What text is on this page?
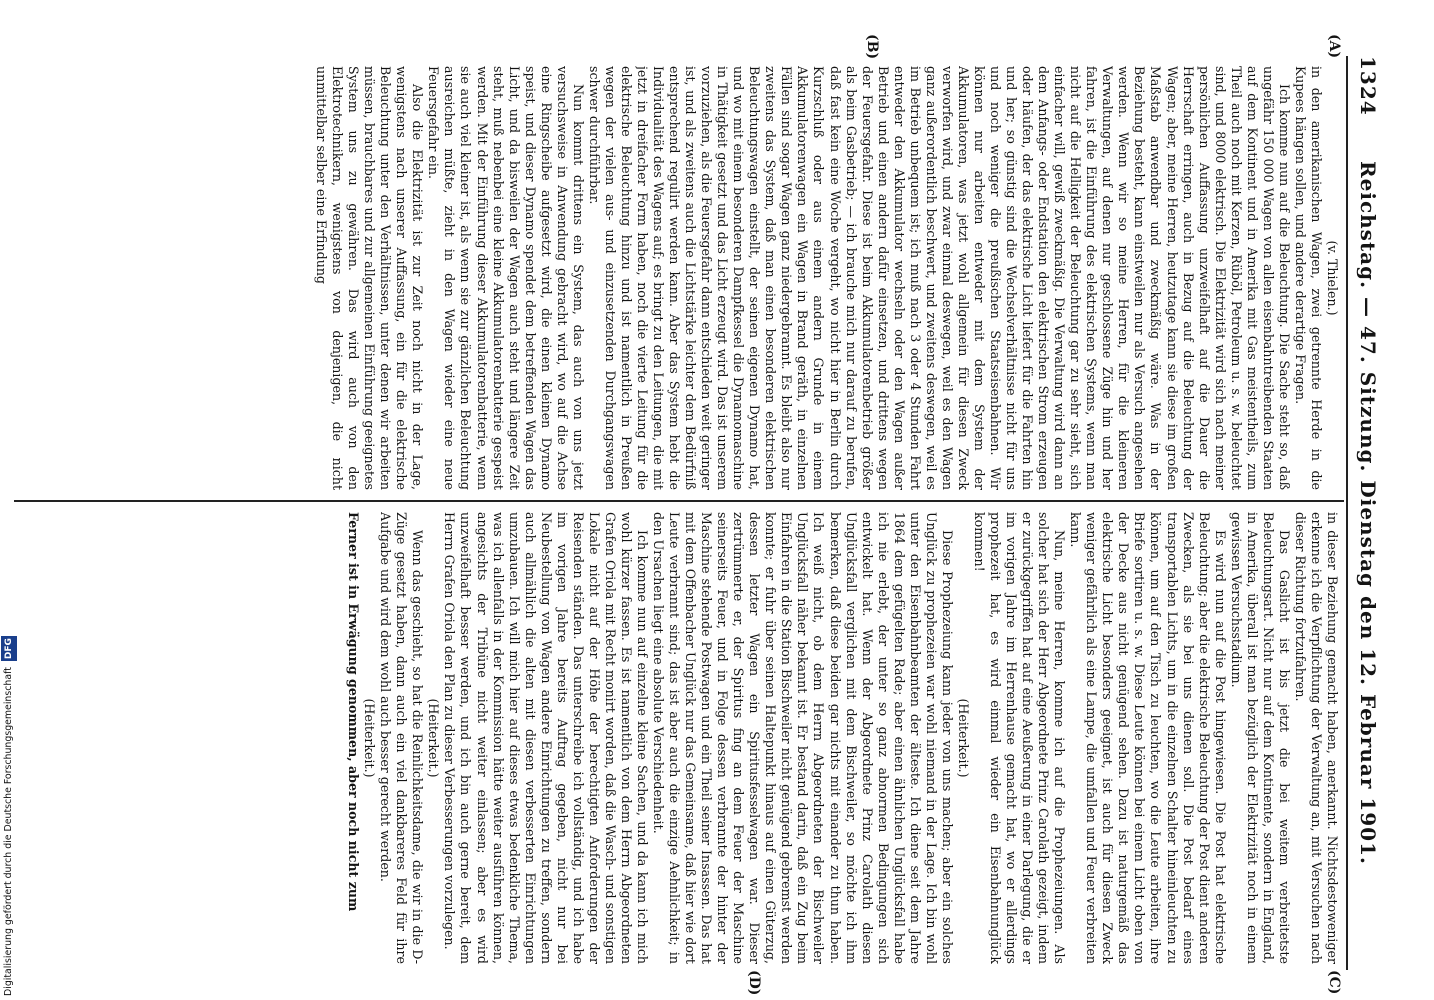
1324
Reichstag. — 47. Sitzung. Dienstag den 12. Februar 1901.
(A)
(B)
(C)
(D)

(v. Thielen.)

in den amerikanischen Wagen, zwei getrennte Herde in die Kupees hängen sollen, und andere derartige Fragen.

Ich komme nun auf die Beleuchtung. Die Sache steht so, daß ungefähr 150 000 Wagen von allen eisenbahntreibenden Staaten auf dem Kontinent und in Amerika mit Gas meistentheils, zum Theil auch noch mit Kerzen, Rüböl, Petroleum u. s. w. beleuchtet sind, und 8000 elektrisch. Die Elektrizität wird sich nach meiner persönlichen Auffassung unzweifelhaft auf die Dauer die Herrschaft erringen, auch in Bezug auf die Beleuchtung der Wagen; aber, meine Herren, heutzutage kann sie diese im großen Maßstab anwendbar und zweckmäßig wäre. Was in der Beziehung besteht, kann einstweilen nur als Versuch angesehen werden. Wenn wir so meine Herren, für die kleineren Verwaltungen, auf denen nur geschlossene Züge hin und her fahren, ist die Einführung des elektrischen Systems, wenn man nicht auf die Helligkeit der Beleuchtung gar zu sehr sieht, sich einfacher will, gewiß zweckmäßig. Die Verwaltung wird dann an dem Anfangs- oder Endstation den elektrischen Strom erzeugen oder häufen, der das elektrische Licht liefert für die Fahrten hin und her; so günstig sind die Wechselverhältnisse nicht für uns und noch weniger die preußischen Staatseisenbahnen. Wir können nur arbeiten entweder mit dem System der Akkumulatoren, was jetzt wohl allgemein für diesen Zweck verworfen wird, und zwar einmal deswegen, weil es den Wagen ganz außerordentlich beschwert, und zweitens deswegen, weil es im Betrieb unbequem ist; ich muß nach 3 oder 4 Stunden Fahrt entweder den Akkumulator wechseln oder den Wagen außer Betrieb und einen andern dafür einsetzen, und drittens wegen der Feuersgefahr. Diese ist beim Akkumulatorenbetrieb größer als beim Gasbetrieb; — ich brauche mich nur darauf zu berufen, daß fast kein eine Woche vergeht, wo nicht hier in Berlin durch Kurzschluß oder aus einem andern Grunde in einem Akkumulatorenwagen ein Wagen in Brand geräth, in einzelnen Fällen sind sogar Wagen ganz niedergebrannt. Es bleibt also nur zweitens das System, daß man einen besonderen elektrischen Beleuchtungswagen einstellt, der seinen eigenen Dynamo hat, und wo mit einem besonderen Dampfkessel die Dynamomaschine in Thätigkeit gesetzt und das Licht erzeugt wird. Das ist unserem vorzuziehen, als die Feuersgefahr dann entschieden weit geringer ist, und als zweitens auch die Lichtstärke leichter dem Bedürfniß entsprechend regulirt werden kann. Aber das System hebt die Individualität des Wagens auf; es bringt zu den Leitungen, die mit jetzt in dreifacher Form haben, noch die vierte Leitung für die elektrische Beleuchtung hinzu und ist namentlich in Preußen wegen der vielen aus- und einzusetzenden Durchgangswagen schwer durchführbar.

Nun kommt drittens ein System, das auch von uns jetzt versuchsweise in Anwendung gebracht wird, wo auf die Achse eine Ringscheibe aufgesetzt wird, die einen kleinen Dynamo speist, und dieser Dynamo spendet dem betreffenden Wagen das Licht, und da bisweilen der Wagen auch steht und längere Zeit steht, muß nebenbei eine kleine Akkumulatorenbatterie gespeist werden. Mit der Einführung dieser Akkumulatorenbatterie, wenn sie auch viel kleiner ist, als wenn sie zur gänzlichen Beleuchtung ausreichen müßte, zieht in den Wagen wieder eine neue Feuersgefahr ein.

Also die Elektrizität ist zur Zeit noch nicht in der Lage, wenigstens nach unserer Auffassung, ein für die elektrische Beleuchtung unter den Verhältnissen, unter denen wir arbeiten müssen, brauchbares und zur allgemeinen Einführung geeignetes System uns zu gewähren. Das wird auch von den Elektrotechnikern, wenigstens von denjenigen, die nicht unmittelbar selber eine Erfindung

in dieser Beziehung gemacht haben, anerkannt. Nichtsdestoweniger erkenne ich die Verpflichtung der Verwaltung an, mit Versuchen nach dieser Richtung fortzufahren.

Das Gaslicht ist bis jetzt die bei weitem verbreitetste Beleuchtungsart. Nicht nur auf dem Kontinente, sondern in England, in Amerika, überall ist man bezüglich der Elektrizität noch in einem gewissen Versuchsstadium.

Es wird nun auf die Post hingewiesen. Die Post hat elektrische Beleuchtung; aber die elektrische Beleuchtung der Post dient anderen Zwecken, als sie bei uns dienen soll. Die Post bedarf eines transportablen Lichts, um in die einzelnen Schalter hineinleuchten zu können, um auf den Tisch zu leuchten, wo die Leute arbeiten, ihre Briefe sortiren u. s. w. Diese Leute können bei einem Licht oben von der Decke aus nicht genügend sehen. Dazu ist naturgemäß das elektrische Licht besonders geeignet, ist auch für diesen Zweck weniger gefährlich als eine Lampe, die umfallen und Feuer verbreiten kann.

Nun, meine Herren, komme ich auf die Prophezeiungen. Als solcher hat sich der Herr Abgeordnete Prinz Carolath gezeigt, indem er zurückgegriffen hat auf eine Aeußerung in einer Darlegung, die er im vorigen Jahre im Herrenhause gemacht hat, wo er allerdings prophezeit hat, es wird einmal wieder ein Eisenbahnunglück kommen!

(Heiterkeit.)

Diese Prophezeiung kann jeder von uns machen; aber ein solches Unglück zu prophezeien war wohl niemand in der Lage. Ich bin wohl unter den Eisenbahnbeamten der älteste. Ich diene seit dem Jahre 1864 dem gefügelten Rade; aber einen ähnlichen Unglücksfall habe ich nie erlebt, der unter so ganz abnormen Bedingungen sich entwickelt hat. Wenn der Abgeordnete Prinz Carolath diesen Unglücksfall verglichen mit dem Bischweiler, so möchte ich ihm bemerken, daß diese beiden gar nichts mit einander zu thun haben. Ich weiß nicht, ob dem Herrn Abgeordneten der Bischweiler Unglücksfall näher bekannt ist. Er bestand darin, daß ein Zug beim Einfahren in die Station Bischweiler nicht genügend gebremst werden konnte; er fuhr über seinen Haltepunkt hinaus auf einen Güterzug, dessen letzter Wagen ein Spiritusfesselwagen war. Dieser zertrümmerte er, der Spiritus fing an dem Feuer der Maschine seinerseits Feuer, und in Folge dessen verbrannte der hinter der Maschine stehende Postwagen und ein Theil seiner Insassen. Das hat mit dem Offenbacher Unglück nur das Gemeinsame, daß hier wie dort Leute verbrannt sind; das ist aber auch die einzige Aehnlichkeit; in den Ursachen liegt eine absolute Verschiedenheit.

Ich komme nun auf einzelne kleine Sachen, und da kann ich mich wohl kürzer fassen. Es ist namentlich von dem Herrn Abgeordneten Grafen Oriola mit Recht monirt worden, daß die Wasch- und sonstigen Lokale nicht auf der Höhe der berechtigten Anforderungen der Reisenden ständen. Das unterschreibe ich vollständig, und ich habe im vorigen Jahre bereits Auftrag gegeben, nicht nur bei Neubestellung von Wagen andere Einrichtungen zu treffen, sondern auch allmählich die alten mit diesen verbesserten Einrichtungen umzubauen. Ich will mich hier auf dieses etwas bedenkliche Thema, was ich allenfalls in der Kommission hätte weiter ausführen können, angesichts der Tribüne nicht weiter einlassen; aber es wird unzweifelhaft besser werden, und ich bin auch gerne bereit, dem Herrn Grafen Oriola den Plan zu dieser Verbesserungen vorzulegen.

(Heiterkeit.)

Wenn das geschieht, so hat die Reinlichkeitsdame, die wir in die D-Züge gesetzt haben, dann auch ein viel dankbareres Feld für ihre Aufgabe und wird dem wohl auch besser gerecht werden.

(Heiterkeit.)

Ferner ist in Erwägung genommen, aber noch nicht zum

Digitalisierung gefördert durch die Deutsche Forschungsgemeinschaft DFG
